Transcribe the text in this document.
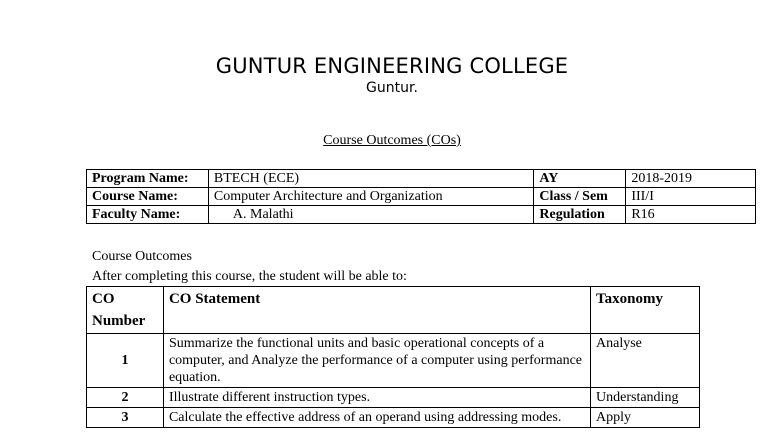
GUNTUR ENGINEERING COLLEGE
Guntur.
Course Outcomes (COs)
Program Name:	BTECH (ECE)	AY	2018-2019
Course Name:	Computer Architecture and Organization	Class / Sem	III/I
Faculty Name:	A. Malathi	Regulation	R16
Course Outcomes
After completing this course, the student will be able to:
CO Number	CO Statement	Taxonomy
1	Summarize the functional units and basic operational concepts of a computer, and Analyze the performance of a computer using performance equation.	Analyse
2	Illustrate different instruction types.	Understanding
3	Calculate the effective address of an operand using addressing modes.	Apply
